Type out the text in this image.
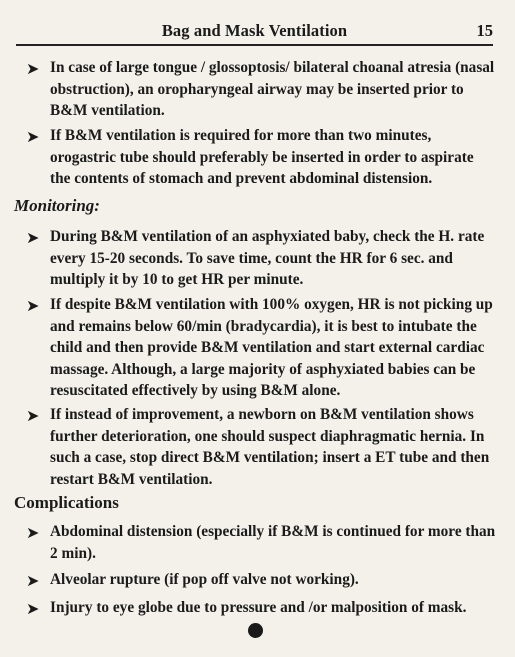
Bag and Mask Ventilation	15
➤ In case of large tongue / glossoptosis/ bilateral choanal atresia (nasal obstruction), an oropharyngeal airway may be inserted prior to B&M ventilation.
➤ If B&M ventilation is required for more than two minutes, orogastric tube should preferably be inserted in order to aspirate the contents of stomach and prevent abdominal distension.
Monitoring:
➤ During B&M ventilation of an asphyxiated baby, check the H. rate every 15-20 seconds. To save time, count the HR for 6 sec. and multiply it by 10 to get HR per minute.
➤ If despite B&M ventilation with 100% oxygen, HR is not picking up and remains below 60/min (bradycardia), it is best to intubate the child and then provide B&M ventilation and start external cardiac massage. Although, a large majority of asphyxiated babies can be resuscitated effectively by using B&M alone.
➤ If instead of improvement, a newborn on B&M ventilation shows further deterioration, one should suspect diaphragmatic hernia. In such a case, stop direct B&M ventilation; insert a ET tube and then restart B&M ventilation.
Complications
➤ Abdominal distension (especially if B&M is continued for more than 2 min).
➤ Alveolar rupture (if pop off valve not working).
➤ Injury to eye globe due to pressure and /or malposition of mask.
